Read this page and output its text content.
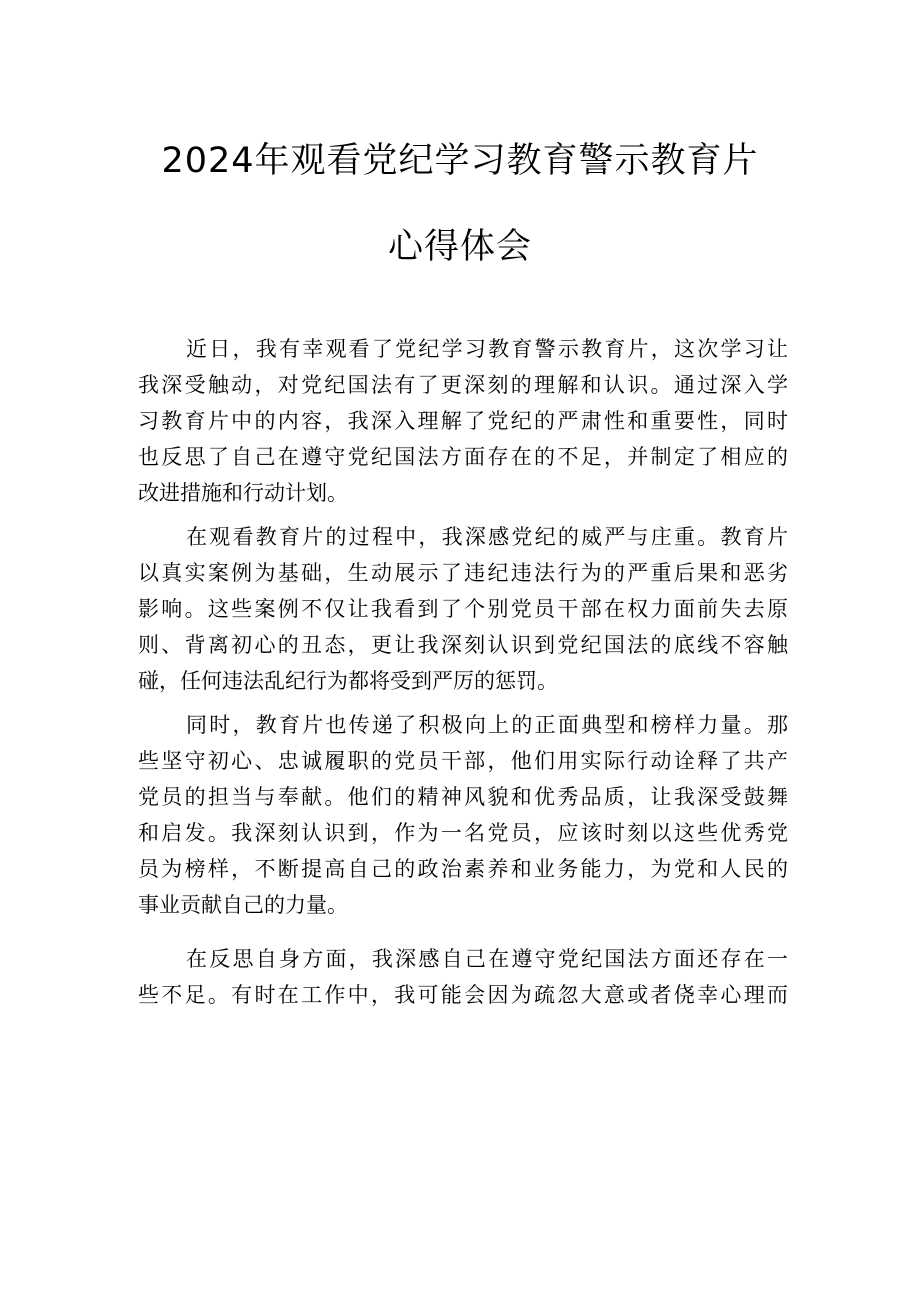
2024年观看党纪学习教育警示教育片
心得体会
近日，我有幸观看了党纪学习教育警示教育片，这次学习让
我深受触动，对党纪国法有了更深刻的理解和认识。通过深入学
习教育片中的内容，我深入理解了党纪的严肃性和重要性，同时
也反思了自己在遵守党纪国法方面存在的不足，并制定了相应的
改进措施和行动计划。
在观看教育片的过程中，我深感党纪的威严与庄重。教育片
以真实案例为基础，生动展示了违纪违法行为的严重后果和恶劣
影响。这些案例不仅让我看到了个别党员干部在权力面前失去原
则、背离初心的丑态，更让我深刻认识到党纪国法的底线不容触
碰，任何违法乱纪行为都将受到严厉的惩罚。
同时，教育片也传递了积极向上的正面典型和榜样力量。那
些坚守初心、忠诚履职的党员干部，他们用实际行动诠释了共产
党员的担当与奉献。他们的精神风貌和优秀品质，让我深受鼓舞
和启发。我深刻认识到，作为一名党员，应该时刻以这些优秀党
员为榜样，不断提高自己的政治素养和业务能力，为党和人民的
事业贡献自己的力量。
在反思自身方面，我深感自己在遵守党纪国法方面还存在一
些不足。有时在工作中，我可能会因为疏忽大意或者侥幸心理而
